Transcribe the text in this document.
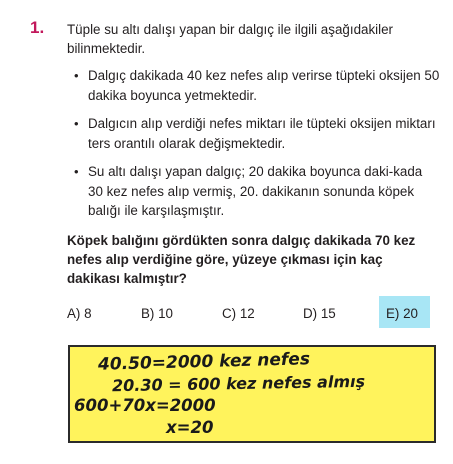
1. Tüple su altı dalışı yapan bir dalgıç ile ilgili aşağıdakiler bilinmektedir.
• Dalgıç dakikada 40 kez nefes alıp verirse tüpteki oksijen 50 dakika boyunca yetmektedir.
• Dalgıcın alıp verdiği nefes miktarı ile tüpteki oksijen miktarı ters orantılı olarak değişmektedir.
• Su altı dalışı yapan dalgıç; 20 dakika boyunca daki-kada 30 kez nefes alıp vermiş, 20. dakikanın sonunda köpek balığı ile karşılaşmıştır.
Köpek balığını gördükten sonra dalgıç dakikada 70 kez nefes alıp verdiğine göre, yüzeye çıkması için kaç dakikası kalmıştır?
A) 8	B) 10	C) 12	D) 15	E) 20
40.50=2000 kez nefes
20.30 = 600 kez nefes almış
600+70x=2000
x=20
